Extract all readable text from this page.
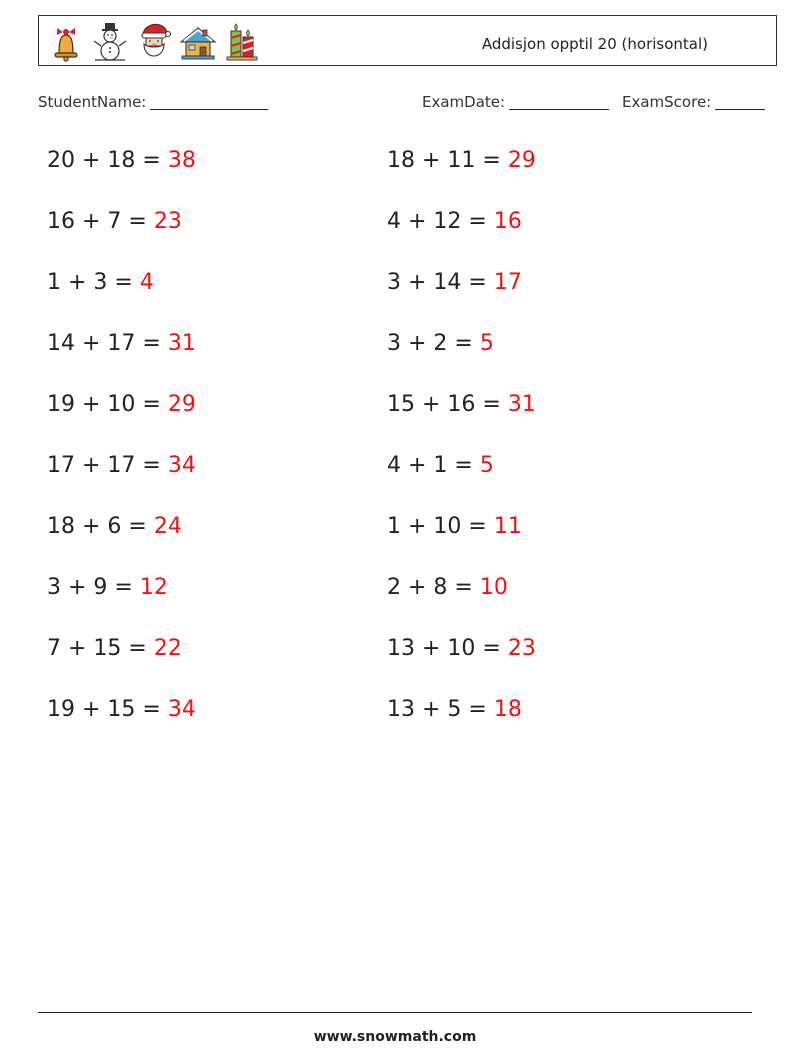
Addisjon opptil 20 (horisontal)
StudentName:	ExamDate:	ExamScore:
20 + 18 = 38
16 + 7 = 23
1 + 3 = 4
14 + 17 = 31
19 + 10 = 29
17 + 17 = 34
18 + 6 = 24
3 + 9 = 12
7 + 15 = 22
19 + 15 = 34
18 + 11 = 29
4 + 12 = 16
3 + 14 = 17
3 + 2 = 5
15 + 16 = 31
4 + 1 = 5
1 + 10 = 11
2 + 8 = 10
13 + 10 = 23
13 + 5 = 18
www.snowmath.com
